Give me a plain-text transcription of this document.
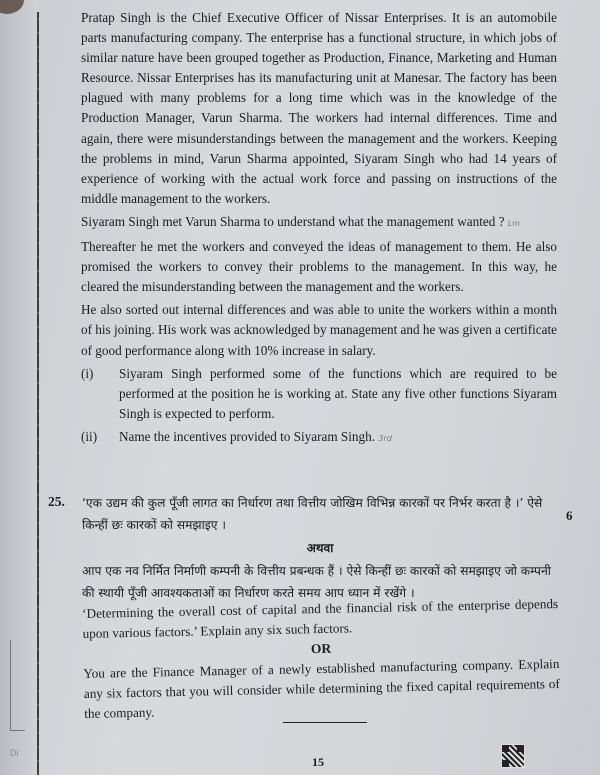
Di

Pratap Singh is the Chief Executive Officer of Nissar Enterprises. It is an automobile parts manufacturing company. The enterprise has a functional structure, in which jobs of similar nature have been grouped together as Production, Finance, Marketing and Human Resource. Nissar Enterprises has its manufacturing unit at Manesar. The factory has been plagued with many problems for a long time which was in the knowledge of the Production Manager, Varun Sharma. The workers had internal differences. Time and again, there were misunderstandings between the management and the workers. Keeping the problems in mind, Varun Sharma appointed, Siyaram Singh who had 14 years of experience of working with the actual work force and passing on instructions of the middle management to the workers.

Siyaram Singh met Varun Sharma to understand what the management wanted ? Lm

Thereafter he met the workers and conveyed the ideas of management to them. He also promised the workers to convey their problems to the management. In this way, he cleared the misunderstanding between the management and the workers.

He also sorted out internal differences and was able to unite the workers within a month of his joining. His work was acknowledged by management and he was given a certificate of good performance along with 10% increase in salary.

(i)	Siyaram Singh performed some of the functions which are required to be performed at the position he is working at. State any five other functions Siyaram Singh is expected to perform.
(ii)	Name the incentives provided to Siyaram Singh. 3rd
25.	‘एक उद्यम की कुल पूँजी लागत का निर्धारण तथा वित्तीय जोखिम विभिन्न कारकों पर निर्भर करता है ।’ ऐसे किन्हीं छः कारकों को समझाइए ।
अथवा
आप एक नव निर्मित निर्माणी कम्पनी के वित्तीय प्रबन्धक हैं । ऐसे किन्हीं छः कारकों को समझाइए जो कम्पनी की स्थायी पूँजी आवश्यकताओं का निर्धारण करते समय आप ध्यान में रखेंगे ।
‘Determining the overall cost of capital and the financial risk of the enterprise depends upon various factors.’ Explain any six such factors.
OR
You are the Finance Manager of a newly established manufacturing company. Explain any six factors that you will consider while determining the fixed capital requirements of the company.
6
15
